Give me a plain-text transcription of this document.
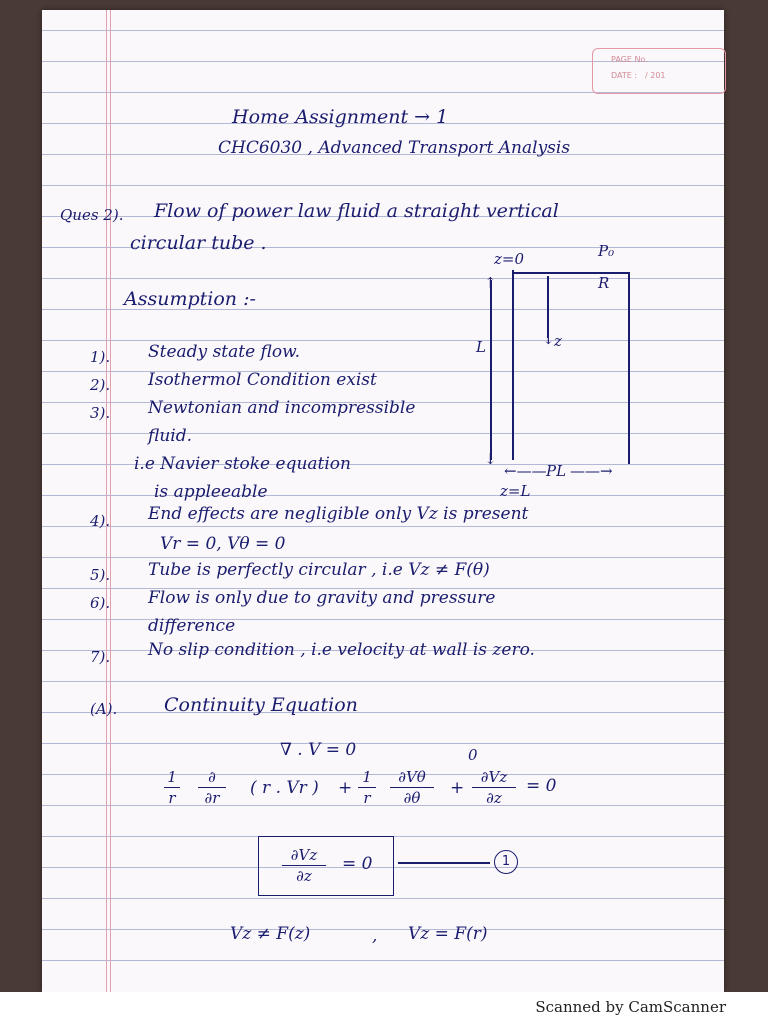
PAGE No.
DATE : / 201
Home Assignment → 1
CHC6030 , Advanced Transport Analysis
Ques 2). Flow of power law fluid a straight vertical
circular tube .
z=0	P₀
R
↑
↓
L	↓ z
z=L
←—— PL ——→
Assumption :-
1). Steady state flow.
2). Isothermol Condition exist
3). Newtonian and incompressible
fluid.
i.e Navier stoke equation
is appleeable
4). End effects are negligible only Vz is present
Vr = 0, Vθ = 0
5). Tube is perfectly circular , i.e Vz ≠ F(θ)
6). Flow is only due to gravity and pressure
difference
7). No slip condition , i.e velocity at wall is zero.
(A). Continuity Equation
∇ . V = 0	0
1
r
∂
∂r	( r . Vr ) +
1
r
∂Vθ
∂θ	+
∂Vz
∂z
= 0
∂Vz
∂z
= 0	1
Vz ≠ F(z)	, Vz = F(r)
Scanned by CamScanner
